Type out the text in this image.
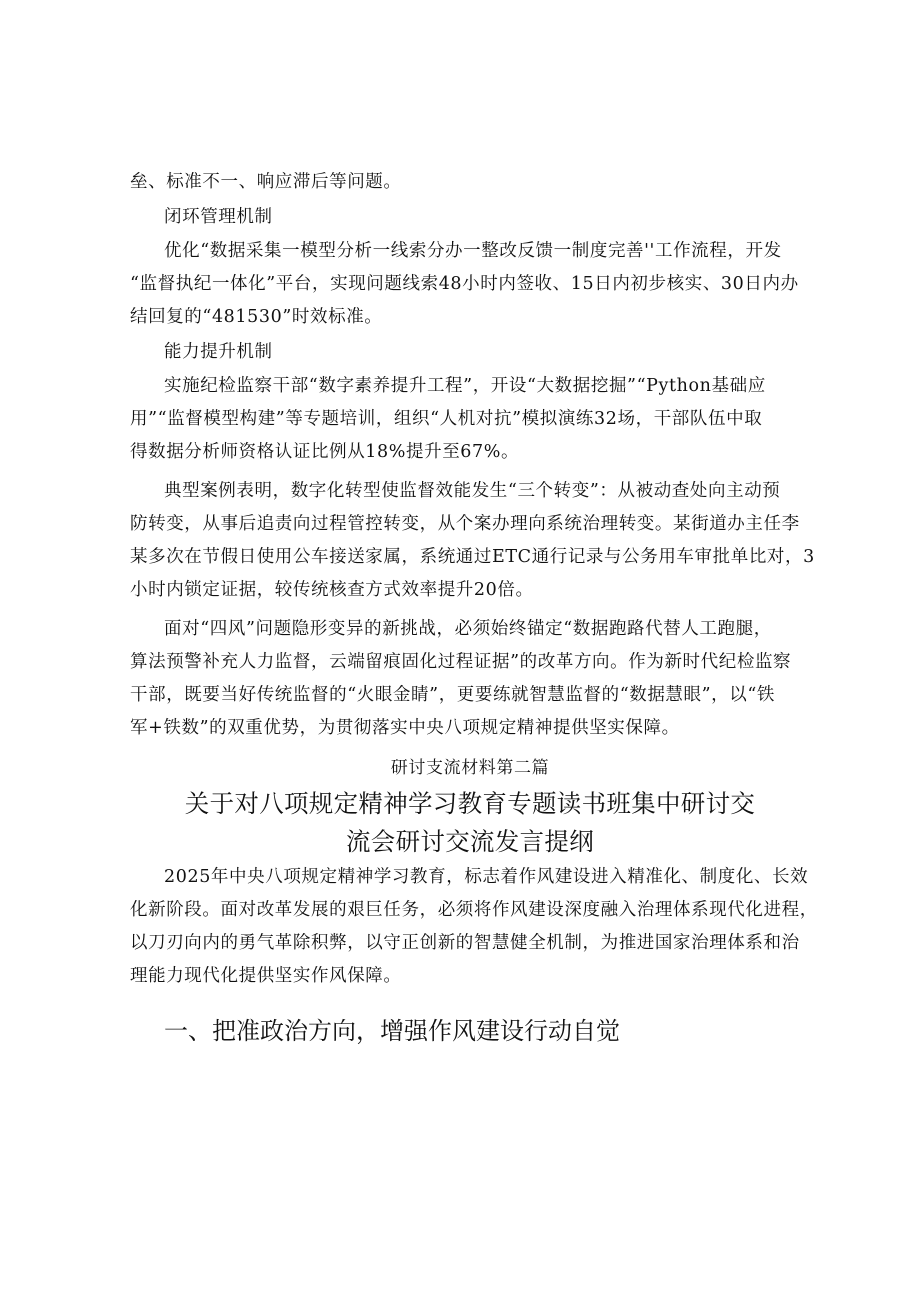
垒、标准不一、响应滞后等问题。
闭环管理机制
优化“数据采集一模型分析一线索分办一整改反馈一制度完善''工作流程，开发
“监督执纪一体化”平台，实现问题线索48小时内签收、15日内初步核实、30日内办
结回复的“481530”时效标准。
能力提升机制
实施纪检监察干部“数字素养提升工程”，开设“大数据挖掘”“Python基础应
用”“监督模型构建”等专题培训，组织“人机对抗”模拟演练32场，干部队伍中取
得数据分析师资格认证比例从18%提升至67%。
典型案例表明，数字化转型使监督效能发生“三个转变”：从被动查处向主动预
防转变，从事后追责向过程管控转变，从个案办理向系统治理转变。某街道办主任李
某多次在节假日使用公车接送家属，系统通过ETC通行记录与公务用车审批单比对，3
小时内锁定证据，较传统核查方式效率提升20倍。
面对“四风”问题隐形变异的新挑战，必须始终锚定“数据跑路代替人工跑腿，
算法预警补充人力监督，云端留痕固化过程证据”的改革方向。作为新时代纪检监察
干部，既要当好传统监督的“火眼金睛”，更要练就智慧监督的“数据慧眼”，以“铁
军+铁数”的双重优势，为贯彻落实中央八项规定精神提供坚实保障。
研讨支流材料第二篇
关于对八项规定精神学习教育专题读书班集中研讨交
流会研讨交流发言提纲
2025年中央八项规定精神学习教育，标志着作风建设进入精准化、制度化、长效
化新阶段。面对改革发展的艰巨任务，必须将作风建设深度融入治理体系现代化进程，
以刀刃向内的勇气革除积弊，以守正创新的智慧健全机制，为推进国家治理体系和治
理能力现代化提供坚实作风保障。
一、把准政治方向，增强作风建设行动自觉
